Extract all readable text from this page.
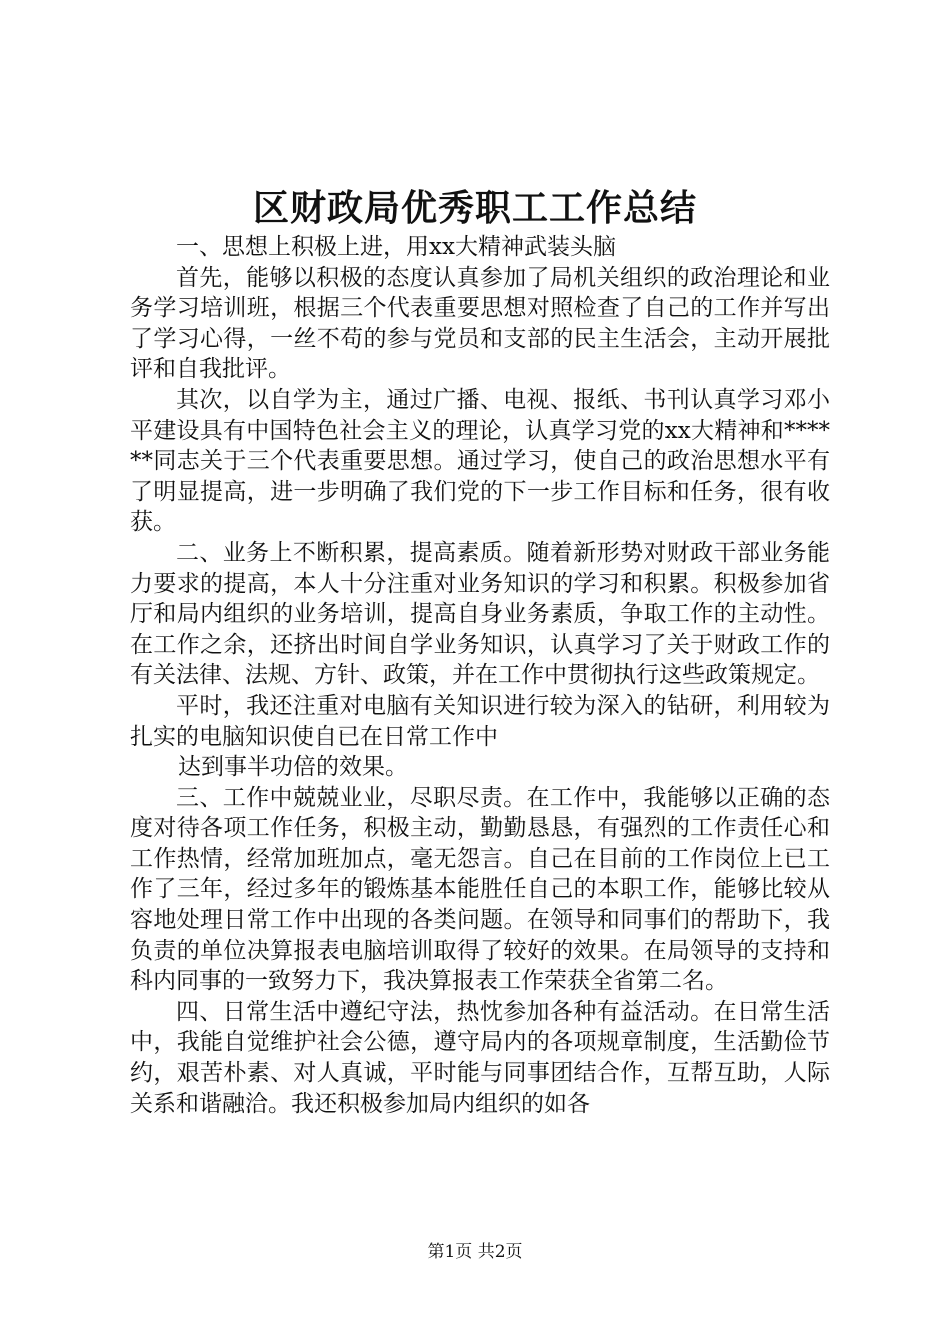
区财政局优秀职工工作总结

一、思想上积极上进，用xx大精神武装头脑

首先，能够以积极的态度认真参加了局机关组织的政治理论和业务学习培训班，根据三个代表重要思想对照检查了自己的工作并写出了学习心得，一丝不苟的参与党员和支部的民主生活会，主动开展批评和自我批评。

其次，以自学为主，通过广播、电视、报纸、书刊认真学习邓小平建设具有中国特色社会主义的理论，认真学习党的xx大精神和******同志关于三个代表重要思想。通过学习，使自己的政治思想水平有了明显提高，进一步明确了我们党的下一步工作目标和任务，很有收获。

二、业务上不断积累，提高素质。随着新形势对财政干部业务能力要求的提高，本人十分注重对业务知识的学习和积累。积极参加省厅和局内组织的业务培训，提高自身业务素质，争取工作的主动性。在工作之余，还挤出时间自学业务知识，认真学习了关于财政工作的有关法律、法规、方针、政策，并在工作中贯彻执行这些政策规定。

平时，我还注重对电脑有关知识进行较为深入的钻研，利用较为扎实的电脑知识使自已在日常工作中

达到事半功倍的效果。

三、工作中兢兢业业，尽职尽责。在工作中，我能够以正确的态度对待各项工作任务，积极主动，勤勤恳恳，有强烈的工作责任心和工作热情，经常加班加点，毫无怨言。自己在目前的工作岗位上已工作了三年，经过多年的锻炼基本能胜任自己的本职工作，能够比较从容地处理日常工作中出现的各类问题。在领导和同事们的帮助下，我负责的单位决算报表电脑培训取得了较好的效果。在局领导的支持和科内同事的一致努力下，我决算报表工作荣获全省第二名。

四、日常生活中遵纪守法，热忱参加各种有益活动。在日常生活中，我能自觉维护社会公德，遵守局内的各项规章制度，生活勤俭节约，艰苦朴素、对人真诚，平时能与同事团结合作，互帮互助，人际关系和谐融洽。我还积极参加局内组织的如各

第1页 共2页
